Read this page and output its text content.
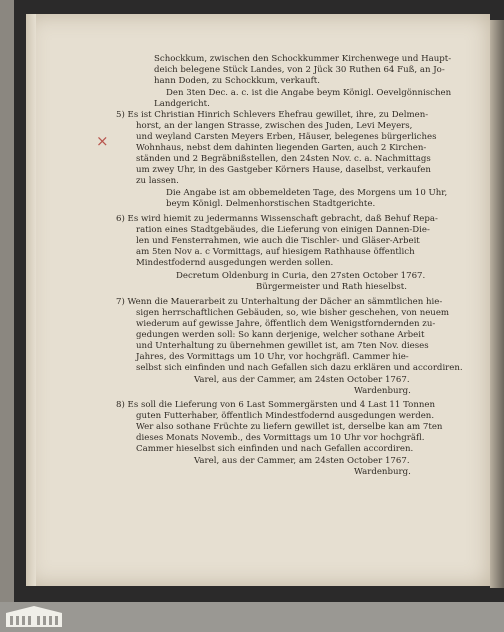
Schockkum, zwischen den Schockkummer Kirchenwege und Haupt-
deich belegene Stück Landes, von 2 Jück 30 Ruthen 64 Fuß, an Jo-
hann Doden, zu Schockkum, verkauft.
Den 3ten Dec. a. c. ist die Angabe beym Königl. Oevelgönnischen
Landgericht.
5) Es ist Christian Hinrich Schlevers Ehefrau gewillet, ihre, zu Delmen-
horst, an der langen Strasse, zwischen des Juden, Levi Meyers,
und weyland Carsten Meyers Erben, Häuser, belegenes bürgerliches
Wohnhaus, nebst dem dahinten liegenden Garten, auch 2 Kirchen-
ständen und 2 Begräbnißstellen, den 24sten Nov. c. a. Nachmittags
um zwey Uhr, in des Gastgeber Körners Hause, daselbst, verkaufen
zu lassen.
Die Angabe ist am obbemeldeten Tage, des Morgens um 10 Uhr,
beym Königl. Delmenhorstischen Stadtgerichte.
6) Es wird hiemit zu jedermanns Wissenschaft gebracht, daß Behuf Repa-
ration eines Stadtgebäudes, die Lieferung von einigen Dannen-Die-
len und Fensterrahmen, wie auch die Tischler- und Gläser-Arbeit
am 5ten Nov a. c Vormittags, auf hiesigem Rathhause öffentlich
Mindestfodernd ausgedungen werden sollen.
Decretum Oldenburg in Curia, den 27sten October 1767.
Bürgermeister und Rath hieselbst.
7) Wenn die Mauerarbeit zu Unterhaltung der Dächer an sämmtlichen hie-
sigen herrschaftlichen Gebäuden, so, wie bisher geschehen, von neuem
wiederum auf gewisse Jahre, öffentlich dem Wenigstforndernden zu-
gedungen werden soll: So kann derjenige, welcher sothane Arbeit
und Unterhaltung zu übernehmen gewillet ist, am 7ten Nov. dieses
Jahres, des Vormittags um 10 Uhr, vor hochgräfl. Cammer hie-
selbst sich einfinden und nach Gefallen sich dazu erklären und accordiren.
Varel, aus der Cammer, am 24sten October 1767.
Wardenburg.
8) Es soll die Lieferung von 6 Last Sommergärsten und 4 Last 11 Tonnen
guten Futterhaber, öffentlich Mindestfodernd ausgedungen werden.
Wer also sothane Früchte zu liefern gewillet ist, derselbe kan am 7ten
dieses Monats Novemb., des Vormittags um 10 Uhr vor hochgräfl.
Cammer hieselbst sich einfinden und nach Gefallen accordiren.
Varel, aus der Cammer, am 24sten October 1767.
Wardenburg.
×
